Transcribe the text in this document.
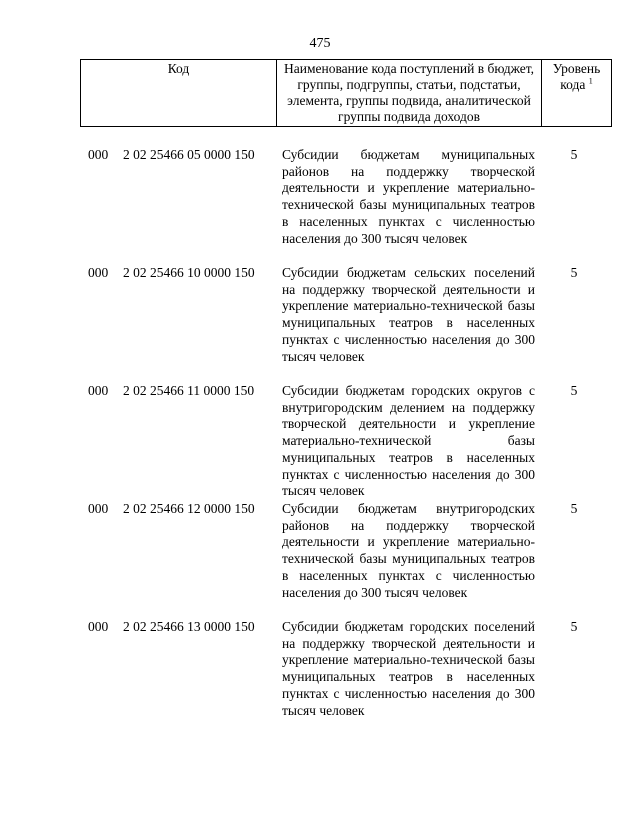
475
Код	Наименование кода поступлений в бюджет, группы, подгруппы, статьи, подстатьи, элемента, группы подвида, аналитической группы подвида доходов
Уровень кода $^1$
000 2 02 25466 05 0000 150 Субсидии бюджетам муниципальных районов на поддержку творческой деятельности и укрепление материально-технической базы муниципальных театров в населенных пунктах с численностью населения до 300 тысяч человек
5
000 2 02 25466 10 0000 150 Субсидии бюджетам сельских поселений на поддержку творческой деятельности и укрепление материально-технической базы муниципальных театров в населенных пунктах с численностью населения до 300 тысяч человек
5
000 2 02 25466 11 0000 150 Субсидии бюджетам городских округов с внутригородским делением на поддержку творческой деятельности и укрепление материально-технической базы муниципальных театров в населенных пунктах с численностью населения до 300 тысяч человек
5
000 2 02 25466 12 0000 150 Субсидии бюджетам внутригородских районов на поддержку творческой деятельности и укрепление материально-технической базы муниципальных театров в населенных пунктах с численностью населения до 300 тысяч человек
5
000 2 02 25466 13 0000 150 Субсидии бюджетам городских поселений на поддержку творческой деятельности и укрепление материально-технической базы муниципальных театров в населенных пунктах с численностью населения до 300 тысяч человек
5
